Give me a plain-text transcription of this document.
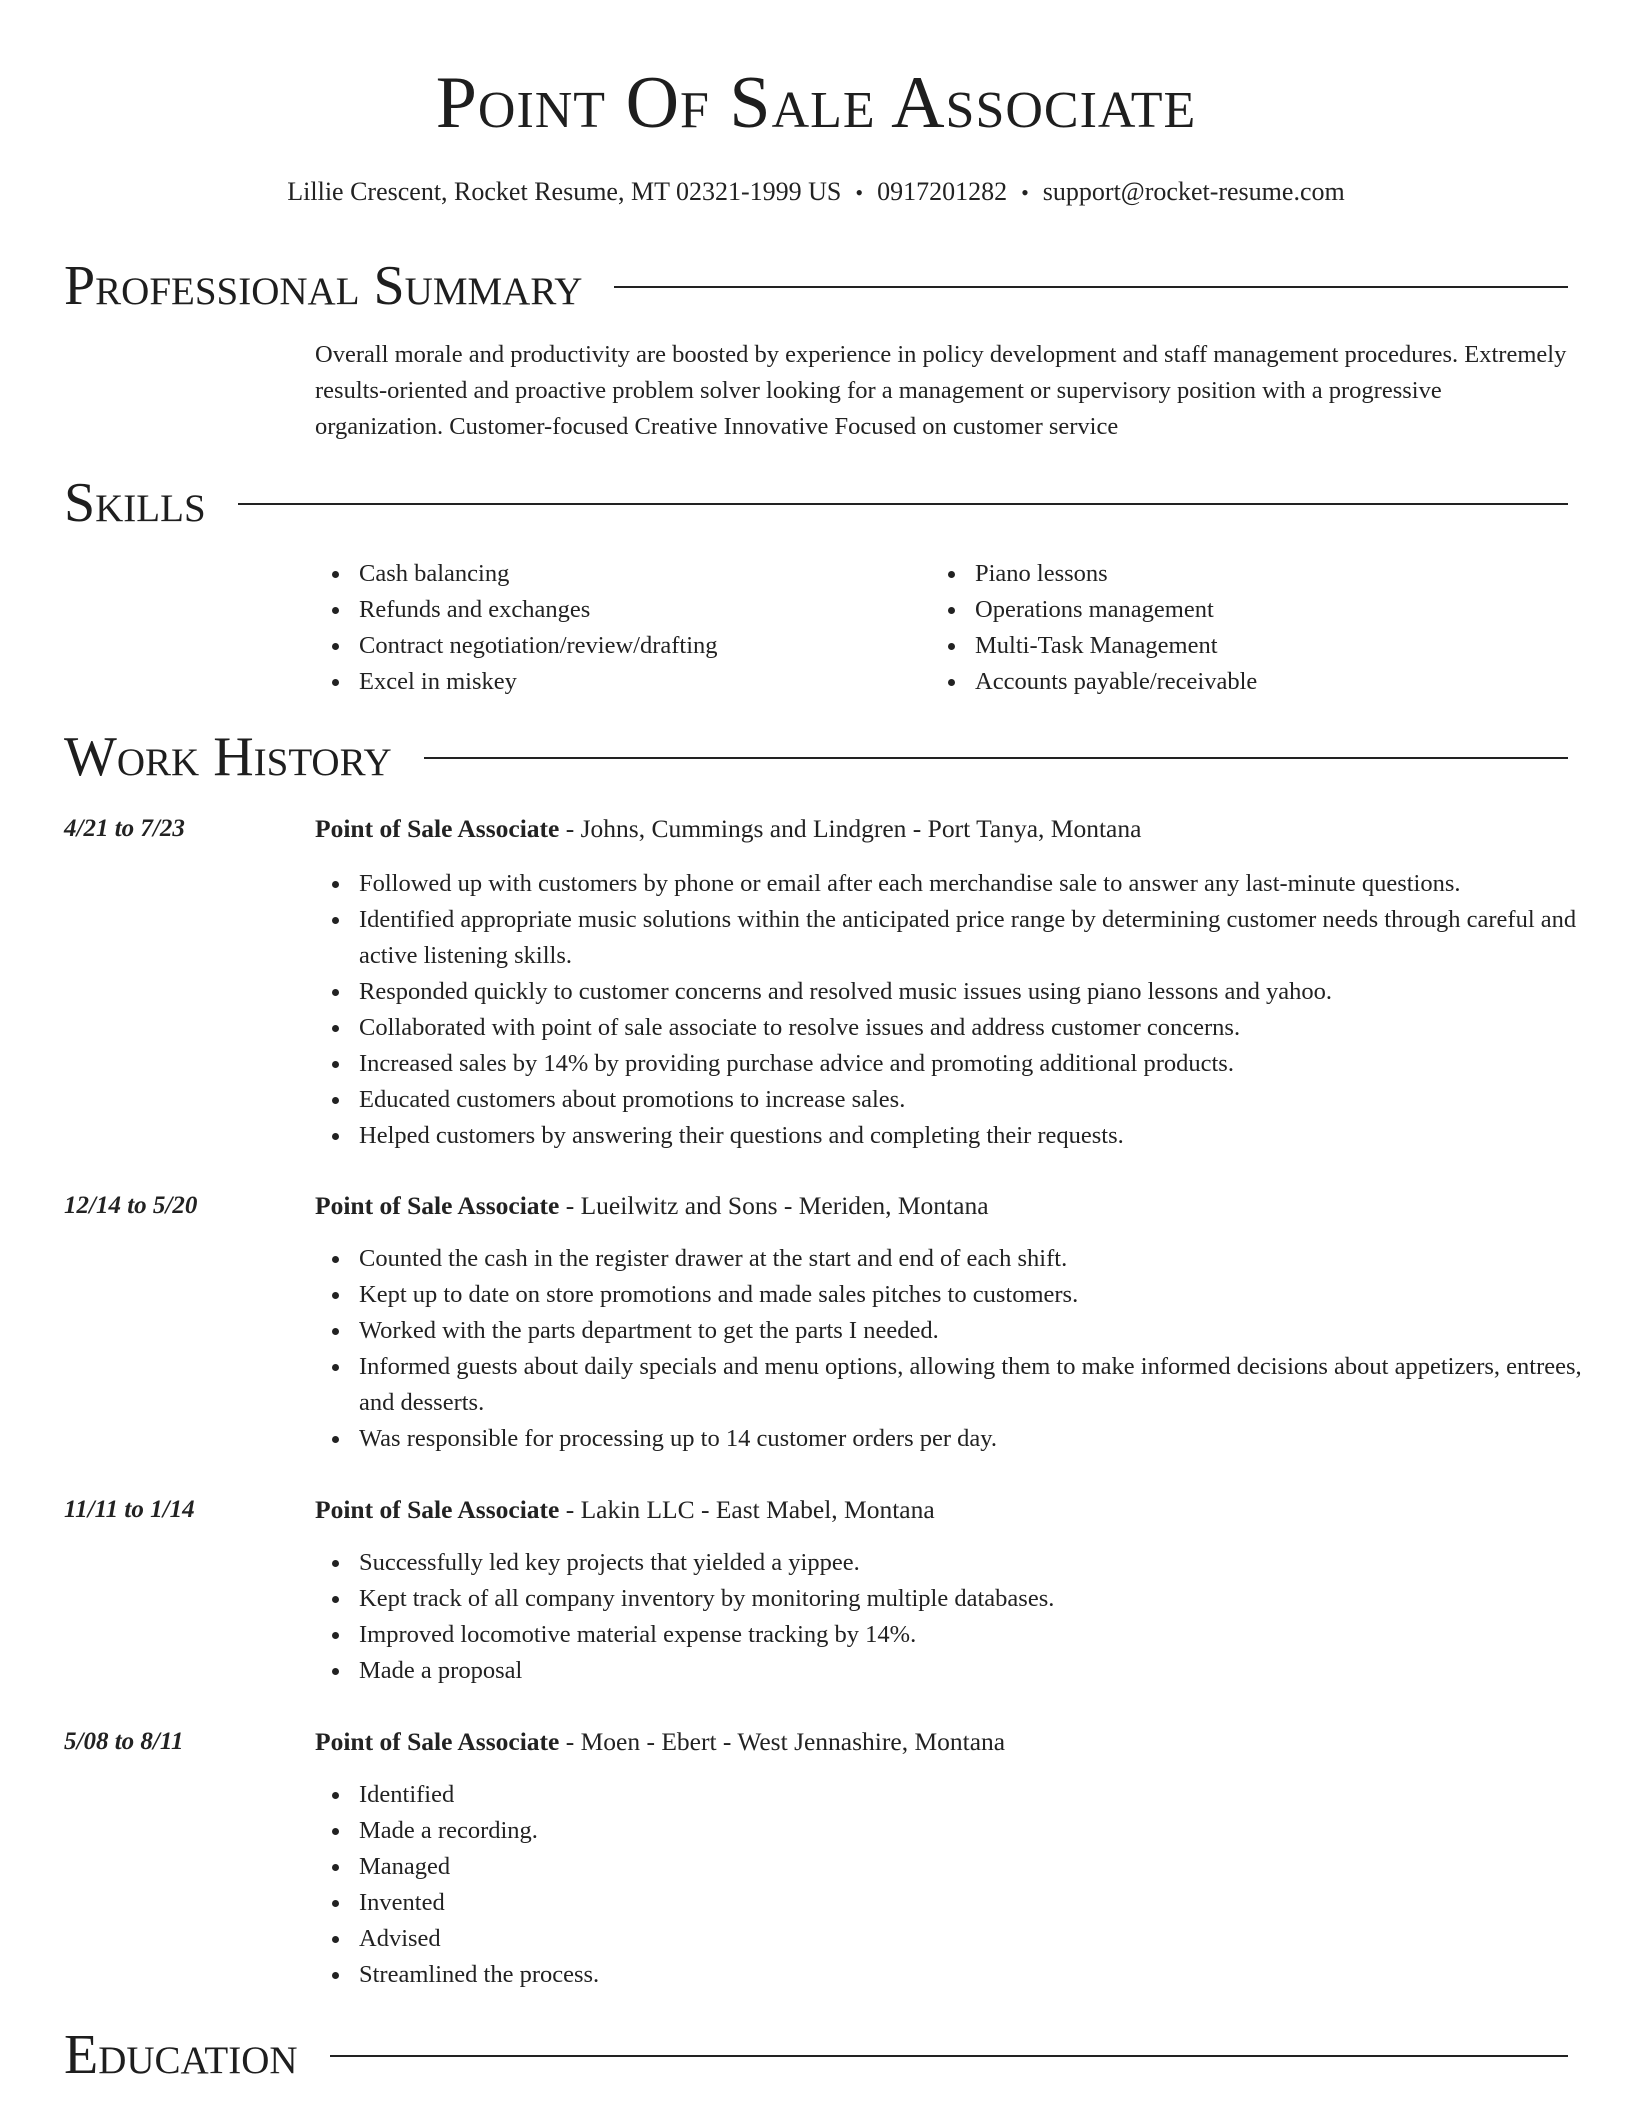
Point Of Sale Associate
Lillie Crescent, Rocket Resume, MT 02321-1999 US • 0917201282 • support@rocket-resume.com
Professional Summary

Overall morale and productivity are boosted by experience in policy development and staff management procedures. Extremely results-oriented and proactive problem solver looking for a management or supervisory position with a progressive organization. Customer-focused Creative Innovative Focused on customer service

Skills
Cash balancing
Refunds and exchanges
Contract negotiation/review/drafting
Excel in miskey
Piano lessons
Operations management
Multi-Task Management
Accounts payable/receivable
Work History
4/21 to 7/23	Point of Sale Associate - Johns, Cummings and Lindgren - Port Tanya, Montana
Followed up with customers by phone or email after each merchandise sale to answer any last-minute questions.
Identified appropriate music solutions within the anticipated price range by determining customer needs through careful and active listening skills.
Responded quickly to customer concerns and resolved music issues using piano lessons and yahoo.
Collaborated with point of sale associate to resolve issues and address customer concerns.
Increased sales by 14% by providing purchase advice and promoting additional products.
Educated customers about promotions to increase sales.
Helped customers by answering their questions and completing their requests.
12/14 to 5/20	Point of Sale Associate - Lueilwitz and Sons - Meriden, Montana
Counted the cash in the register drawer at the start and end of each shift.
Kept up to date on store promotions and made sales pitches to customers.
Worked with the parts department to get the parts I needed.
Informed guests about daily specials and menu options, allowing them to make informed decisions about appetizers, entrees, and desserts.
Was responsible for processing up to 14 customer orders per day.
11/11 to 1/14	Point of Sale Associate - Lakin LLC - East Mabel, Montana
Successfully led key projects that yielded a yippee.
Kept track of all company inventory by monitoring multiple databases.
Improved locomotive material expense tracking by 14%.
Made a proposal
5/08 to 8/11	Point of Sale Associate - Moen - Ebert - West Jennashire, Montana
Identified
Made a recording.
Managed
Invented
Advised
Streamlined the process.
Education
